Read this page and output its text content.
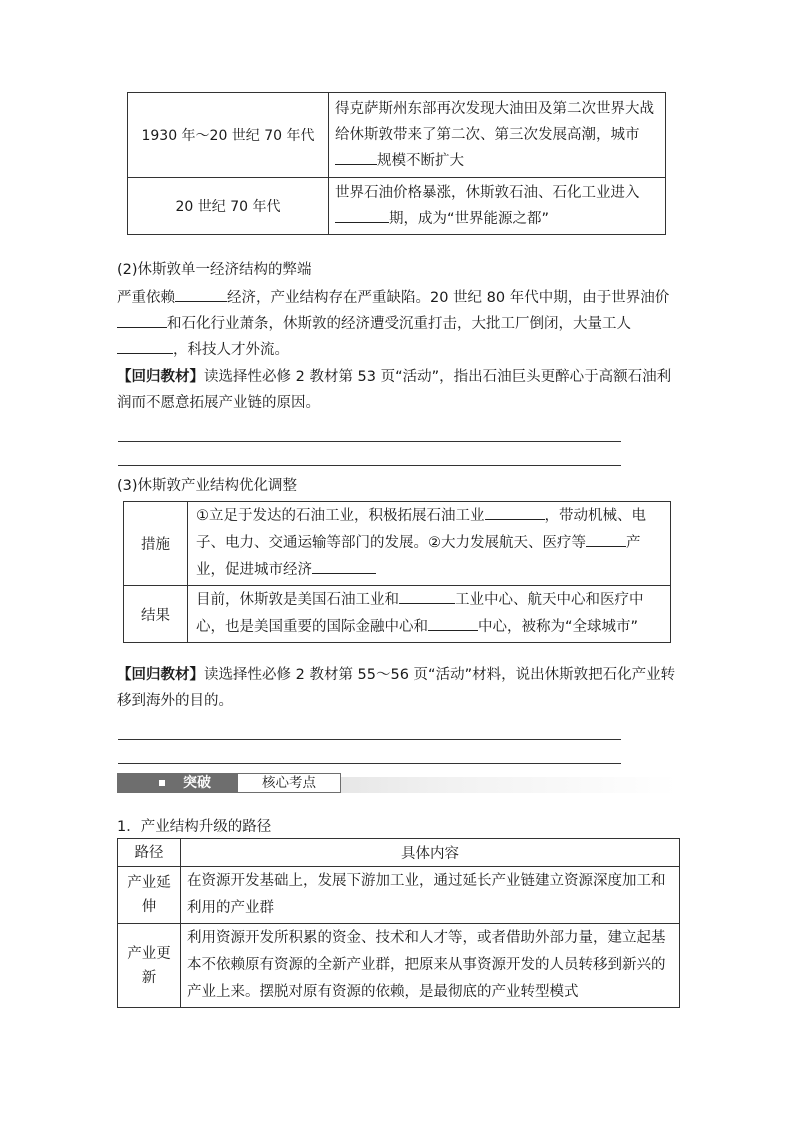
1930 年～20 世纪 70 年代	得克萨斯州东部再次发现大油田及第二次世界大战给休斯敦带来了第二次、第三次发展高潮，城市规模不断扩大
20 世纪 70 年代	世界石油价格暴涨，休斯敦石油、石化工业进入
期，成为“世界能源之都”
(2)休斯敦单一经济结构的弊端
严重依赖	经济，产业结构存在严重缺陷。20 世纪 80 年代中期，由于世界油价和石化行业萧条，休斯敦的经济遭受沉重打击，大批工厂倒闭，大量工人，科技人才外流。
【回归教材】读选择性必修 2 教材第 53 页“活动”，指出石油巨头更醉心于高额石油利润而不愿意拓展产业链的原因。
(3)休斯敦产业结构优化调整
措施	①立足于发达的石油工业，积极拓展石油工业 ，带动机械、电子、电力、交通运输等部门的发展。②大力发展航天、医疗等 产业，促进城市经济
结果	目前，休斯敦是美国石油工业和 工业中心、航天中心和医疗中心，也是美国重要的国际金融中心和 中心，被称为“全球城市”
【回归教材】读选择性必修 2 教材第 55～56 页“活动”材料，说出休斯敦把石化产业转移到海外的目的。
突破	核心考点
1．产业结构升级的路径
路径	具体内容
产业延伸	在资源开发基础上，发展下游加工业，通过延长产业链建立资源深度加工和利用的产业群
产业更新	利用资源开发所积累的资金、技术和人才等，或者借助外部力量，建立起基本不依赖原有资源的全新产业群，把原来从事资源开发的人员转移到新兴的产业上来。摆脱对原有资源的依赖，是最彻底的产业转型模式
